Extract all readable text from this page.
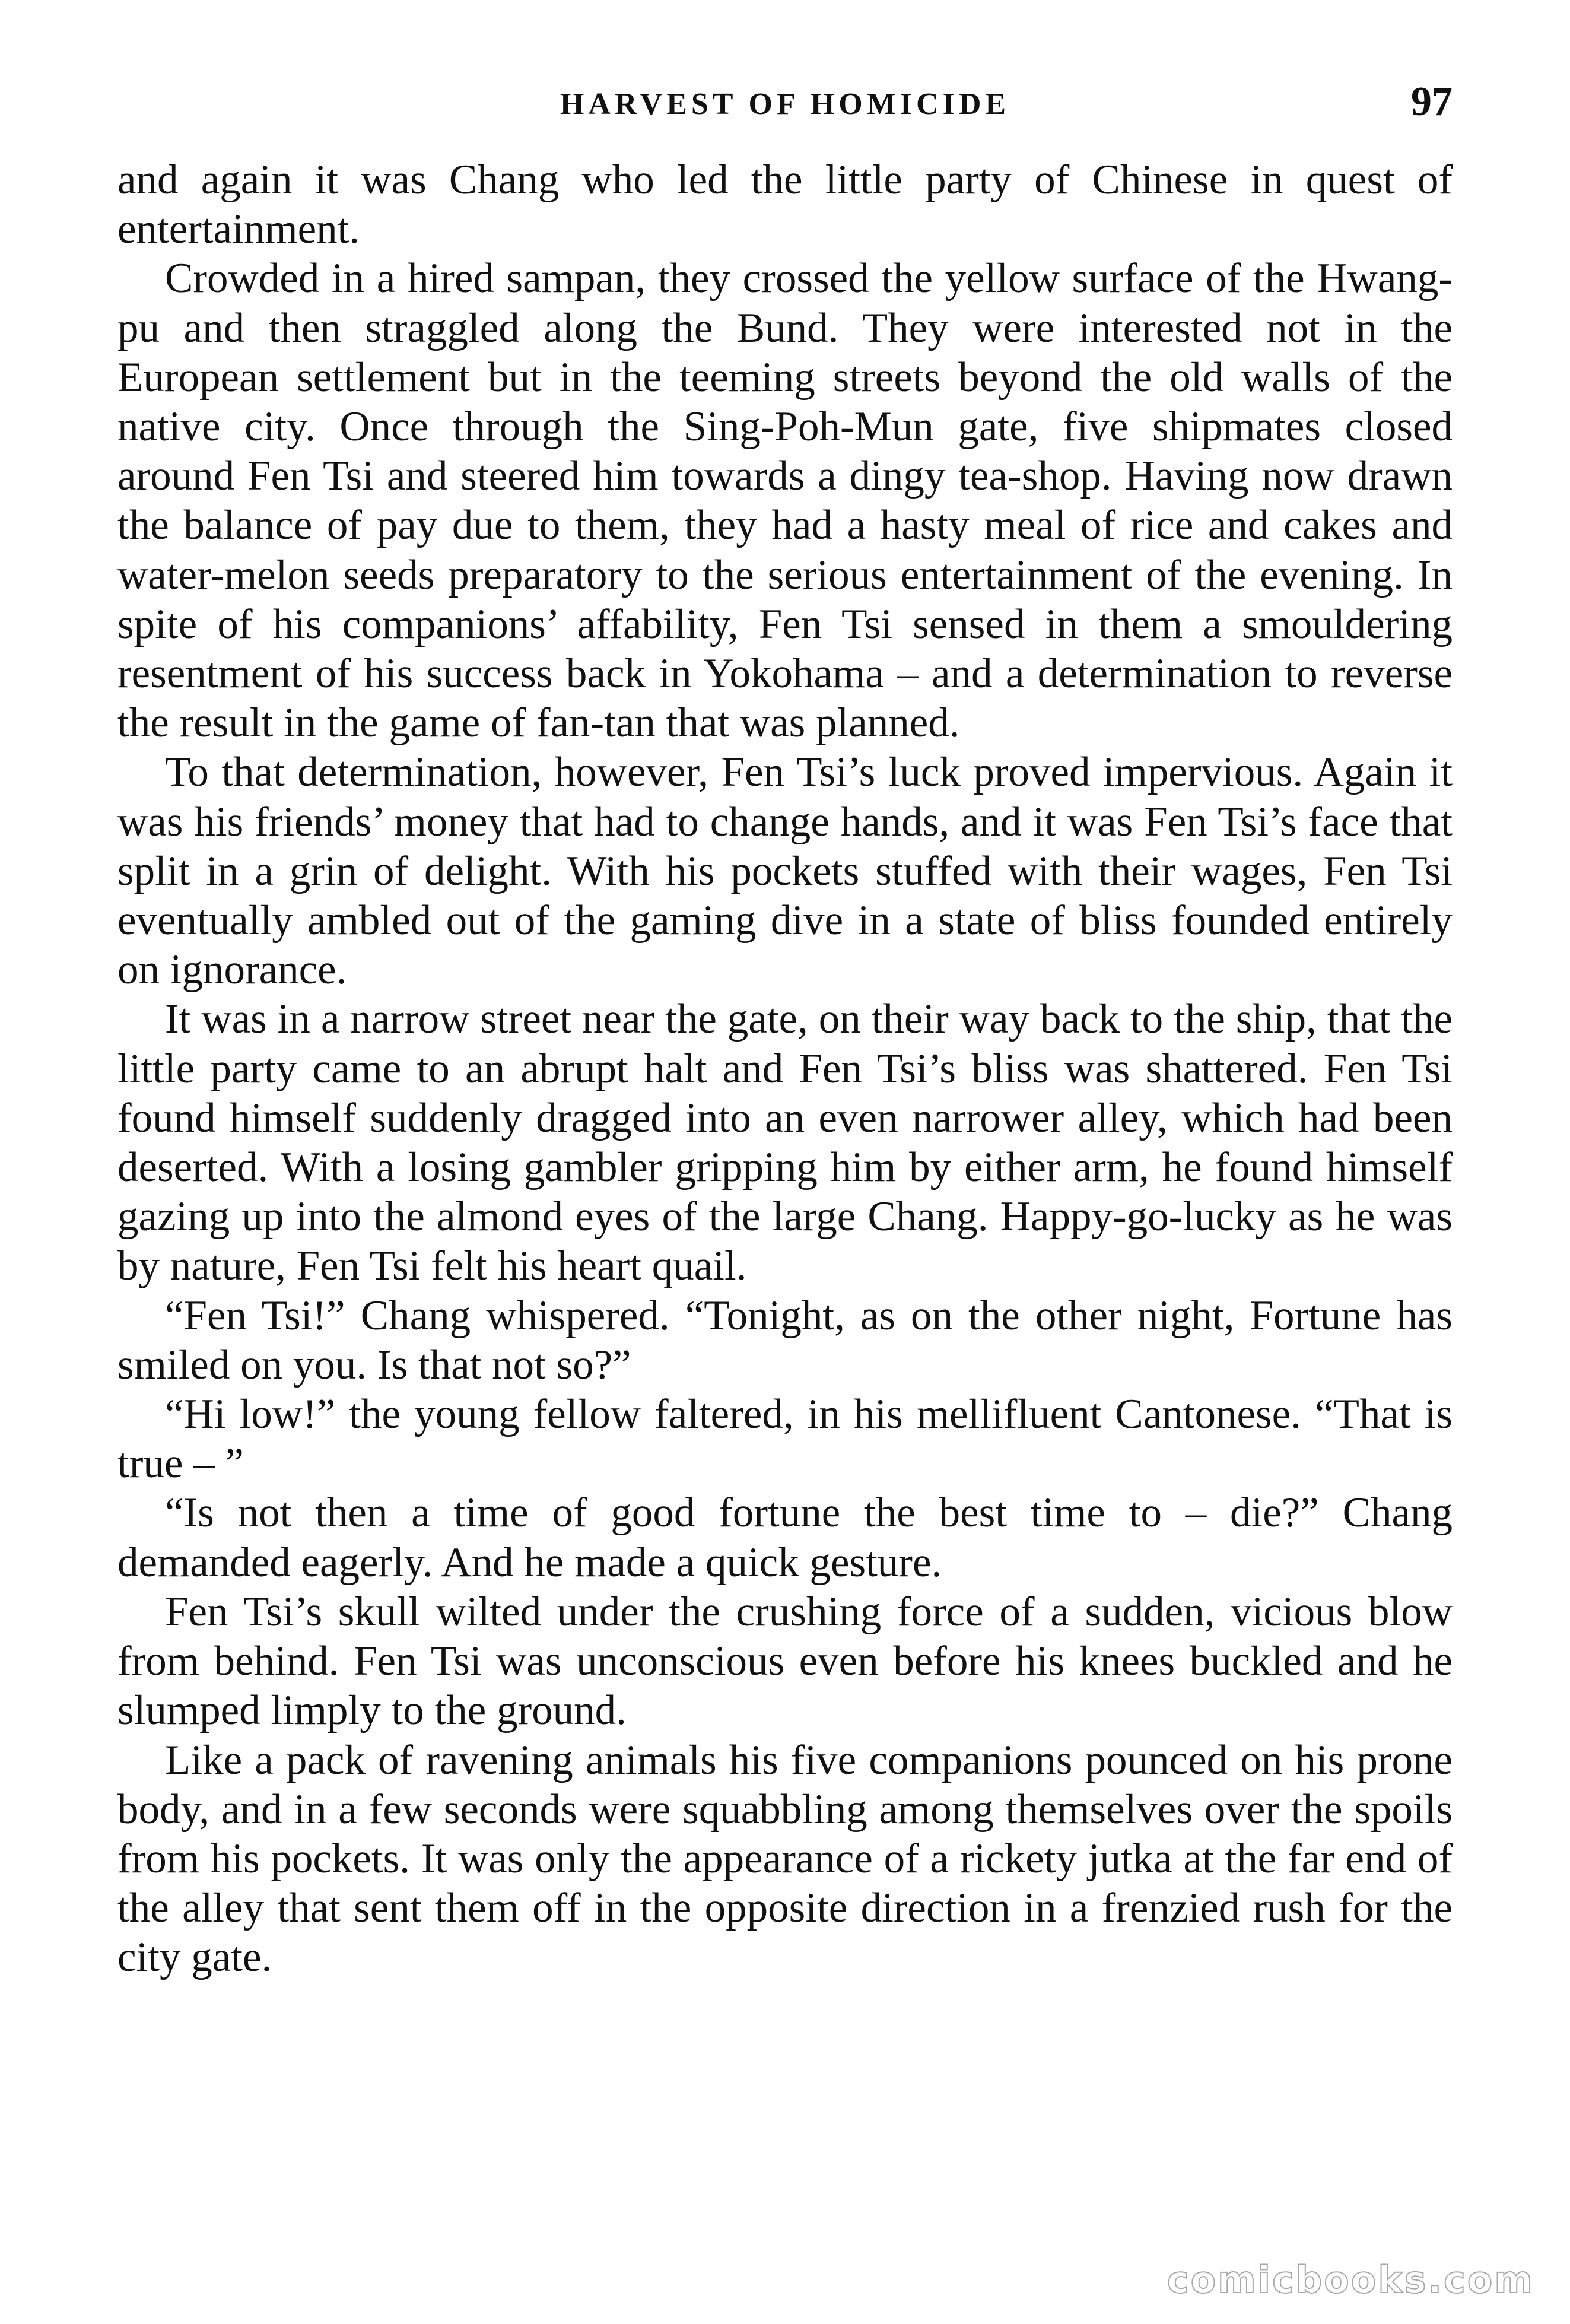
HARVEST OF HOMICIDE	97

and again it was Chang who led the little party of Chinese in quest of entertainment.

Crowded in a hired sampan, they crossed the yellow surface of the Hwang-pu and then straggled along the Bund. They were interested not in the European settlement but in the teeming streets beyond the old walls of the native city. Once through the Sing-Poh-Mun gate, five shipmates closed around Fen Tsi and steered him towards a dingy tea-shop. Having now drawn the balance of pay due to them, they had a hasty meal of rice and cakes and water-melon seeds preparatory to the serious entertainment of the evening. In spite of his companions’ affability, Fen Tsi sensed in them a smouldering resentment of his success back in Yokohama – and a determination to reverse the result in the game of fan-tan that was planned.

To that determination, however, Fen Tsi’s luck proved impervious. Again it was his friends’ money that had to change hands, and it was Fen Tsi’s face that split in a grin of delight. With his pockets stuffed with their wages, Fen Tsi eventually ambled out of the gaming dive in a state of bliss founded entirely on ignorance.

It was in a narrow street near the gate, on their way back to the ship, that the little party came to an abrupt halt and Fen Tsi’s bliss was shattered. Fen Tsi found himself suddenly dragged into an even narrower alley, which had been deserted. With a losing gambler gripping him by either arm, he found himself gazing up into the almond eyes of the large Chang. Happy-go-lucky as he was by nature, Fen Tsi felt his heart quail.

“Fen Tsi!” Chang whispered. “Tonight, as on the other night, Fortune has smiled on you. Is that not so?”

“Hi low!” the young fellow faltered, in his mellifluent Cantonese. “That is true – ”

“Is not then a time of good fortune the best time to – die?” Chang demanded eagerly. And he made a quick gesture.

Fen Tsi’s skull wilted under the crushing force of a sudden, vicious blow from behind. Fen Tsi was unconscious even before his knees buckled and he slumped limply to the ground.

Like a pack of ravening animals his five companions pounced on his prone body, and in a few seconds were squabbling among themselves over the spoils from his pockets. It was only the appearance of a rickety jutka at the far end of the alley that sent them off in the opposite direction in a frenzied rush for the city gate.

comicbooks.com
